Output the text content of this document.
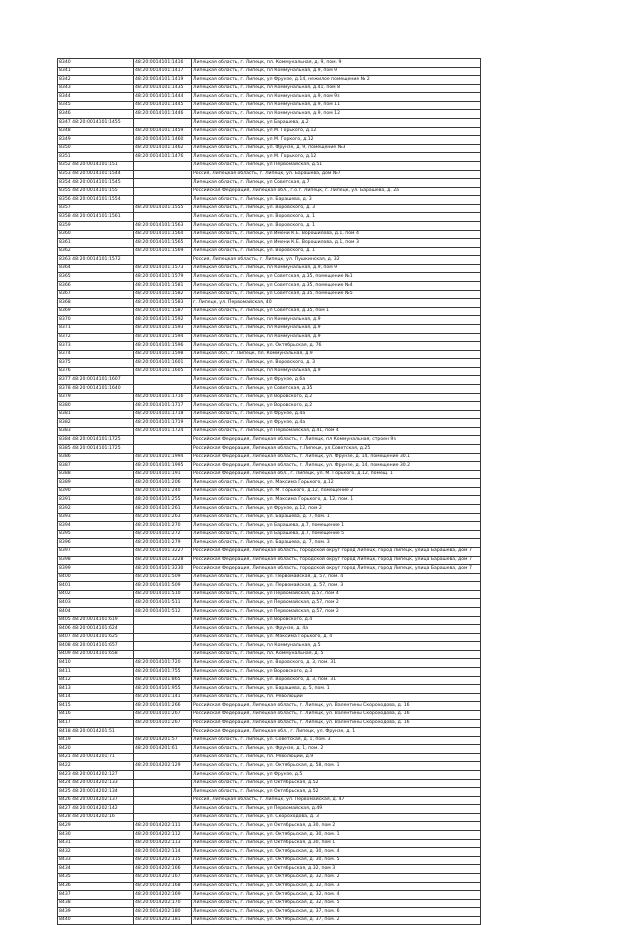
8340	48:20:0014101:1416	Липецкая область, г. Липецк, пл. Коммунальная, д. 9, пом. 9
8341	48:20:0014101:1417	Липецкая область, г. Липецк, пл Коммунальная, д.9, пом 9
8342	48:20:0014101:1419	Липецкая область, г. Липецк, ул Фрунзе, д.14, нежилое помещение № 2
8343	48:20:0014101:1435	Липецкая область, г. Липецк, пл Коммунальная, д.41, пом 8
8344	48:20:0014101:1444	Липецкая область, г. Липецк, пл Коммунальная, д.9, пом 9з
8345	48:20:0014101:1445	Липецкая область, г. Липецк, пл Коммунальная, д.9, пом 11
8346	48:20:0014101:1446	Липецкая область, г. Липецк, пл Коммунальная, д.9, пом 12
8347 48:20:0014101:1455		Липецкая область, г. Липецк, ул Барашева, д.2
8348	48:20:0014101:1459	Липецкая область, г. Липецк, ул М. Горького, д.12
8349	48:20:0014101:1460	Липецкая область, г. Липецк, ул М. Горкого, д.12
8350	48:20:0014101:1462	Липецкая область, г. Липецк, ул. Фрунзе, д. 9, помещение №3
8351	48:20:0014101:1476	Липецкая область, г. Липецк, ул М. Горького, д.12
8352 48:20:0014101:151		Липецкая область, г. Липецк, ул Первомайская, д.51
8353 48:20:0014101:1544		Россия, Липецкая область, г. Липецк, ул. Барашева, дом №7
8354 48:20:0014101:1545		Липецкая область, г. Липецк, ул Советская, д.7
8355 48:20:0014101:155		Российская Федерация, Липецкая обл., г.о.г. Липецк, г. Липецк, ул. Барашева, д. 2а
8356 48:20:0014101:1554		Липецкая область, г. Липецк, ул. Барашева, д. 3
8357	48:20:0014101:1555	Липецкая область, г. Липецк, ул. Воровского, д. 3
8358 48:20:0014101:1561		Липецкая область, г. Липецк, ул. Воровского, д. 1
8359	48:20:0014101:1563	Липецкая область, г. Липецк, ул. Воровского, д. 1
8360	48:20:0014101:1564	Липецкая область, г. Липецк, ул Имени К.Е. Ворошилова, д.1, пом 4
8361	48:20:0014101:1565	Липецкая область, г. Липецк, ул Имени К.Е. Ворошилова, д.1, пом 3
8362	48:20:0014101:1569	Липецкая область, г. Липецк, ул. Воровского, д. 1
8363 48:20:0014101:1572		Россия, Липецкая область, г. Липецк, ул. Пушкинская, д. 32
8364	48:20:0014101:1573	Липецкая область, г. Липецк, пл Коммунальная, д.9, пом 9
8365	48:20:0014101:1579	Липецкая область, г. Липецк, ул Советская, д.35, помещение №1
8366	48:20:0014101:1581	Липецкая область, г. Липецк, ул Советская, д.35, помещение №4
8367	48:20:0014101:1582	Липецкая область, г. Липецк, ул Советская, д.35, помещение №5
8368	48:20:0014101:1583	г. Липецк, ул. Первомайская, 40
8369	48:20:0014101:1587	Липецкая область, г. Липецк, ул Советская, д.35, пом 1
8370	48:20:0014101:1592	Липецкая область, г. Липецк, пл Коммунальная, д.9
8371	48:20:0014101:1593	Липецкая область, г. Липецк, пл Коммунальная, д.9
8372	48:20:0014101:1594	Липецкая область, г. Липецк, пл Коммунальная, д.9
8373	48:20:0014101:1596	Липецкая область, г. Липецк, ул. Октябрьская, д. 76
8374	48:20:0014101:1598	Липецкая обл., г. Липецк, пл. Коммунальная, д.9
8375	48:20:0014101:1601	Липецкая область, г. Липецк, ул. Воровского, д. 3
8376	48:20:0014101:1605	Липецкая область, г. Липецк, пл Коммунальная, д.9
8377 48:20:0014101:1607		Липецкая область, г. Липецк, ул Фрунзе, д.6а
8378 48:20:0014101:1640		Липецкая область, г. Липецк, ул Советская, д.35
8379	48:20:0014101:1716	Липецкая область, г. Липецк, ул Воровского, д.2
8380	48:20:0014101:1717	Липецкая область, г. Липецк, ул Воровского, д.2
8381	48:20:0014101:1718	Липецкая область, г. Липецк, ул Фрунзе, д.4а
8382	48:20:0014101:1719	Липецкая область, г. Липецк, ул Фрунзе, д.4а
8383	48:20:0014101:1724	Липецкая область, г. Липецк, ул Первомайская, д.41, пом 4
8384 48:20:0014101:1725		Российская Федерация, Липецкая область, г. Липецк, пл Коммунальная, строен 9з
8385 48:20:0014101:1725		Российская Федерация, Липецкая область, г.Липецк, ул.Советская, д.25
8386	48:20:0014101:1994	Российская Федерация, Липецкая область, г. Липецк, ул. Фрунзе, д. 14, помещение 30.1
8387	48:20:0014101:1995	Российская Федерация, Липецкая область, г. Липецк, ул. Фрунзе, д. 14, помещение 30.2
8388	48:20:0014101:191	Российская Федерация, Липецкая обл., г. Липецк, ул. М. Горького, д.12, помещ. 1
8389	48:20:0014101:206	Липецкая область, г. Липецк, ул. Максима Горького, д.12
8390	48:20:0014101:240	Липецкая область, г. Липецк, ул. М. Горького, д.12, помещение 2
8391	48:20:0014101:255	Липецкая область, г. Липецк, ул. Максима Горького, д. 12, пом. 1
8392	48:20:0014101:261	Липецкая область, г. Липецк, ул Фрунзе, д.12, пом 2
8393	48:20:0014101:263	Липецкая область, г. Липецк, ул. Барашева, д. 7, пом. 1
8394	48:20:0014101:270	Липецкая область, г. Липецк, ул Барашева, д.7, помещение 1
8395	48:20:0014101:272	Липецкая область, г. Липецк, ул Барашева, д.7, помещение 5
8396	48:20:0014101:279	Липецкая область, г. Липецк, ул. Барашева, д. 7, пом. 3
8397	48:20:0014101:3227	Российская Федерация, Липецкая область, городской округ город Липецк, город Липецк, улица Барашева, дом 7
8398	48:20:0014101:3228	Российская Федерация, Липецкая область, городской округ город Липецк, город Липецк, улица Барашева, дом 7
8399	48:20:0014101:3230	Российская Федерация, Липецкая область, городской округ город Липецк, город Липецк, улица Барашева, дом 7
8400	48:20:0014101:509	Липецкая область, г. Липецк, ул. Первомайская, д. 57, пом. 4
8401	48:20:0014101:509	Липецкая область, г. Липецк, ул. Первомайская, д. 57, пом. 3
8402	48:20:0014101:510	Липецкая область, г. Липецк, ул Первомайская, д.57, пом 4
8403	48:20:0014101:511	Липецкая область, г. Липецк, ул Первомайская, д.57, пом 2
8404	48:20:0014101:512	Липецкая область, г. Липецк, ул Первомайская, д.57, пом 2
8405 48:20:0014101:619		Липецкая область, г. Липецк, ул Воровского, д.4
8406 48:20:0014101:624		Липецкая область, г. Липецк, ул. Фрунзе, д. 4а
8407 48:20:0014101:625		Липецкая область, г. Липецк, ул. Максима Горького, д. 4
8408 48:20:0014101:657		Липецкая область, г. Липецк, пл Коммунальная, д.5
8409 48:20:0014101:658		Липецкая область, г. Липецк, пл. Коммунальная, д. 5
8410	48:20:0014101:720	Липецкая область, г. Липецк, ул. Воровского, д. 3, пом. 31
8411	48:20:0014101:755	Липецкая область, г. Липецк, ул Воровского, д.3
8412	48:20:0014101:865	Липецкая область, г. Липецк, ул. Воровского, д. 3, пом. 31
8413	48:20:0014101:955	Липецкая область, г. Липецк, ул. Барашева, д. 5, пом. 1
8414	48:20:0014101:141	Липецкая область, г. Липецк, пл. Революции
8415	48:20:0014101:266	Российская Федерация, Липецкая область, г. Липецк, ул. Валентины Скороходова, д. 16
8416	48:20:0014101:267	Российская Федерация, Липецкая область, г. Липецк, ул. Валентины Скороходова, д. 16
8417	48:20:0014101:267	Российская Федерация, Липецкая область, г. Липецк, ул. Валентины Скороходова, д. 16
8418 48:20:0014201:51		Российская Федерация, Липецкая обл., г. Липецк, ул. Фрунзе, д. 1
8419	48:20:0014201:57	Липецкая область, г. Липецк, ул. Советская, д. 1, пом. 3
8420	48:20:0014201:61	Липецкая область, г. Липецк, ул. Фрунзе, д. 1, пом. 2
8421 48:20:0014201:71		Липецкая область, г. Липецк, пл. Революции, д.9
8422	48:20:0014202:129	Липецкая область, г. Липецк, ул. Октябрьская, д. 58, пом. 1
8423 48:20:0014202:127		Липецкая область, г. Липецк, ул Фрунзе, д.5
8424 48:20:0014202:133		Липецкая область, г. Липецк, ул Октябрьская, д.52
8425 48:20:0014202:134		Липецкая область, г. Липецк, ул Октябрьская, д.52
8426 48:20:0014202:137		Россия, Липецкая область, г. Липецк, ул. Первомайская, д. 47
8427 48:20:0014202:142		Липецкая область, г. Липецк, ул Первомайская, д.49
8428 48:20:0014202:16		Липецкая область, г. Липецк, ул. Скороходова, д. 3
8429	48:20:0014202:111	Липецкая область, г. Липецк, ул Октябрьская, д.30, пом 2
8430	48:20:0014202:112	Липецкая область, г. Липецк, ул. Октябрьская, д. 30, пом. 1
8431	48:20:0014202:113	Липецкая область, г. Липецк, ул Октябрьская, д.30, пом 1
8432	48:20:0014202:114	Липецкая область, г. Липецк, ул. Октябрьская, д. 30, пом. 4
8433	48:20:0014202:115	Липецкая область, г. Липецк, ул. Октябрьская, д. 30, пом. 5
8434	48:20:0014202:166	Липецкая область, г. Липецк, ул Октябрьская, д.32, пом 3
8435	48:20:0014202:167	Липецкая область, г. Липецк, ул. Октябрьская, д. 32, пом. 2
8436	48:20:0014202:168	Липецкая область, г. Липецк, ул. Октябрьская, д. 32, пом. 3
8437	48:20:0014202:169	Липецкая область, г. Липецк, ул. Октябрьская, д. 32, пом. 4
8438	48:20:0014202:170	Липецкая область, г. Липецк, ул. Октябрьская, д. 32, пом. 5
8439	48:20:0014202:180	Липецкая область, г. Липецк, ул. Октябрьская, д. 37, пом. 6
8440	48:20:0014202:181	Липецкая область, г. Липецк, ул. Октябрьская, д. 37, пом. 2
